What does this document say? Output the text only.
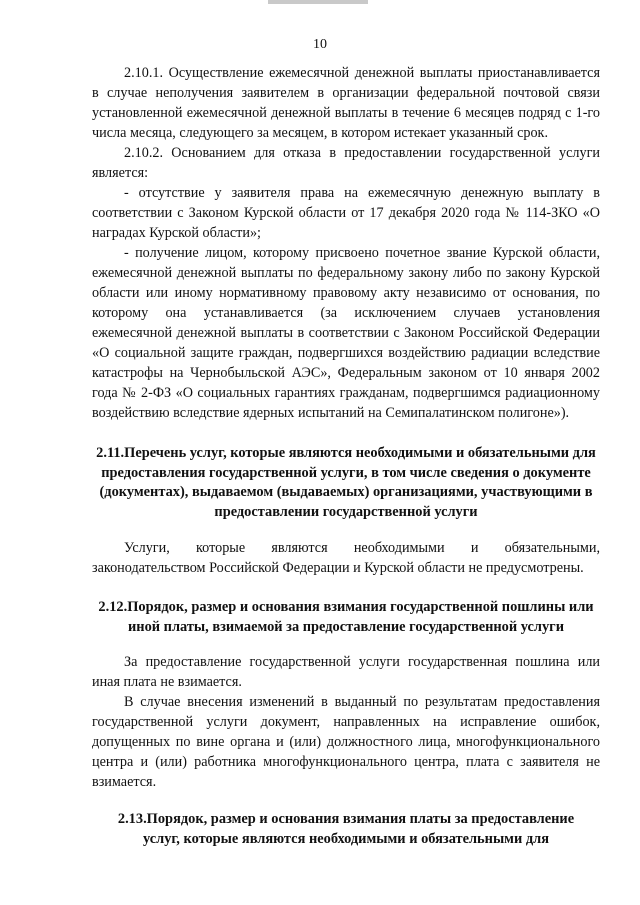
10

2.10.1. Осуществление ежемесячной денежной выплаты приостанавливается в случае неполучения заявителем в организации федеральной почтовой связи установленной ежемесячной денежной выплаты в течение 6 месяцев подряд с 1-го числа месяца, следующего за месяцем, в котором истекает указанный срок.

2.10.2. Основанием для отказа в предоставлении государственной услуги является:

- отсутствие у заявителя права на ежемесячную денежную выплату в соответствии с Законом Курской области от 17 декабря 2020 года № 114-ЗКО «О наградах Курской области»;

- получение лицом, которому присвоено почетное звание Курской области, ежемесячной денежной выплаты по федеральному закону либо по закону Курской области или иному нормативному правовому акту независимо от основания, по которому она устанавливается (за исключением случаев установления ежемесячной денежной выплаты в соответствии с Законом Российской Федерации «О социальной защите граждан, подвергшихся воздействию радиации вследствие катастрофы на Чернобыльской АЭС», Федеральным законом от 10 января 2002 года № 2-ФЗ «О социальных гарантиях гражданам, подвергшимся радиационному воздействию вследствие ядерных испытаний на Семипалатинском полигоне»).

2.11.Перечень услуг, которые являются необходимыми и обязательными для предоставления государственной услуги, в том числе сведения о документе (документах), выдаваемом (выдаваемых) организациями, участвующими в предоставлении государственной услуги

Услуги, которые являются необходимыми и обязательными, законодательством Российской Федерации и Курской области не предусмотрены.

2.12.Порядок, размер и основания взимания государственной пошлины или иной платы, взимаемой за предоставление государственной услуги

За предоставление государственной услуги государственная пошлина или иная плата не взимается.

В случае внесения изменений в выданный по результатам предоставления государственной услуги документ, направленных на исправление ошибок, допущенных по вине органа и (или) должностного лица, многофункционального центра и (или) работника многофункционального центра, плата с заявителя не взимается.

2.13.Порядок, размер и основания взимания платы за предоставление услуг, которые являются необходимыми и обязательными для
